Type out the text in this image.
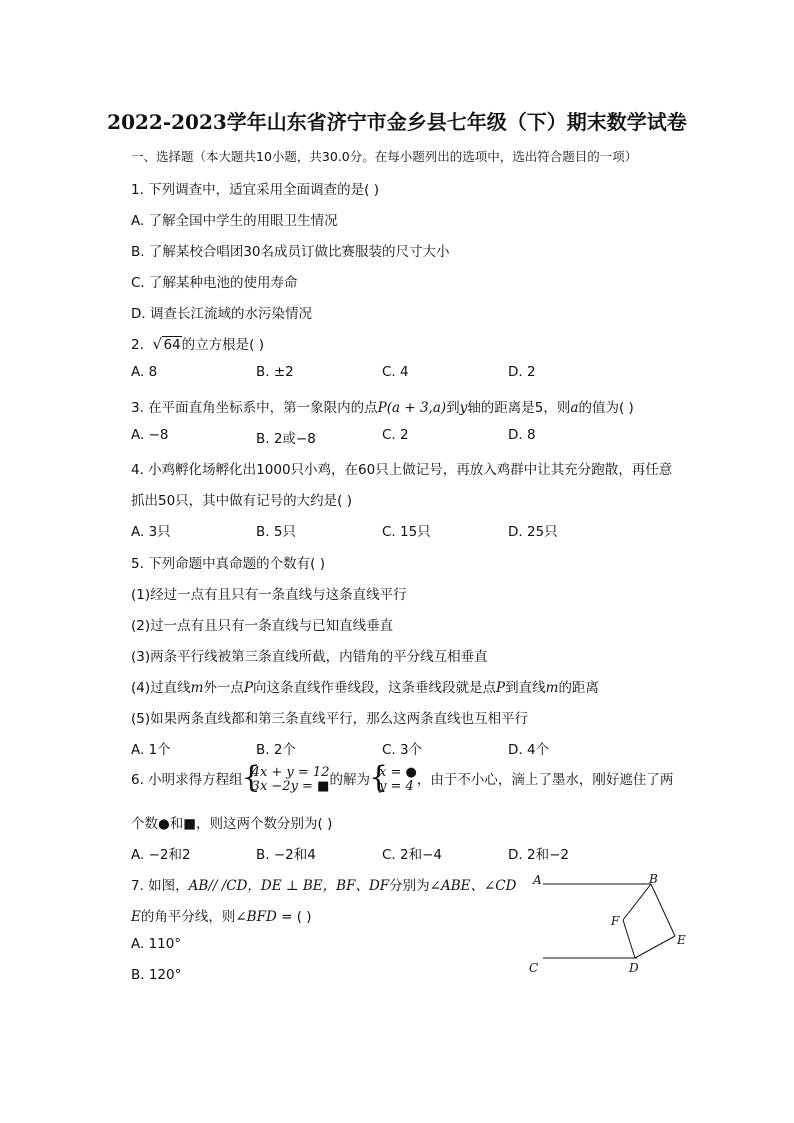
2022-2023学年山东省济宁市金乡县七年级（下）期末数学试卷
一、选择题（本大题共10小题，共30.0分。在每小题列出的选项中，选出符合题目的一项）
1. 下列调查中，适宜采用全面调查的是( )
A. 了解全国中学生的用眼卫生情况
B. 了解某校合唱团30名成员订做比赛服装的尺寸大小
C. 了解某种电池的使用寿命
D. 调查长江流域的水污染情况
2. √ 64的立方根是( )
A. 8	B. ±2	C. 4	D. 2
3. 在平面直角坐标系中，第一象限内的点P(a + 3,a)到y轴的距离是5，则a的值为( )
A. −8	B. 2或−8	C. 2	D. 8
4. 小鸡孵化场孵化出1000只小鸡，在60只上做记号，再放入鸡群中让其充分跑散，再任意
抓出50只，其中做有记号的大约是( )
A. 3只	B. 5只	C. 15只	D. 25只
5. 下列命题中真命题的个数有( )
(1)经过一点有且只有一条直线与这条直线平行
(2)过一点有且只有一条直线与已知直线垂直
(3)两条平行线被第三条直线所截，内错角的平分线互相垂直
(4)过直线m外一点P向这条直线作垂线段，这条垂线段就是点P到直线m的距离
(5)如果两条直线都和第三条直线平行，那么这两条直线也互相平行
A. 1个	B. 2个	C. 3个	D. 4个
6. 小明求得方程组 {
4x + y = 12
3x −2y = ■的解为 {
x = ●
y = 4 ，由于不小心，滴上了墨水，刚好遮住了两
个数●和■，则这两个数分别为( )
A. −2和2	B. −2和4	C. 2和−4	D. 2和−2
7. 如图，AB// /CD，DE ⊥ BE，BF、DF分别为∠ABE、∠CD
E的角平分线，则∠BFD = ( )
A. 110°
B. 120°
A	B
C	D
E
F
